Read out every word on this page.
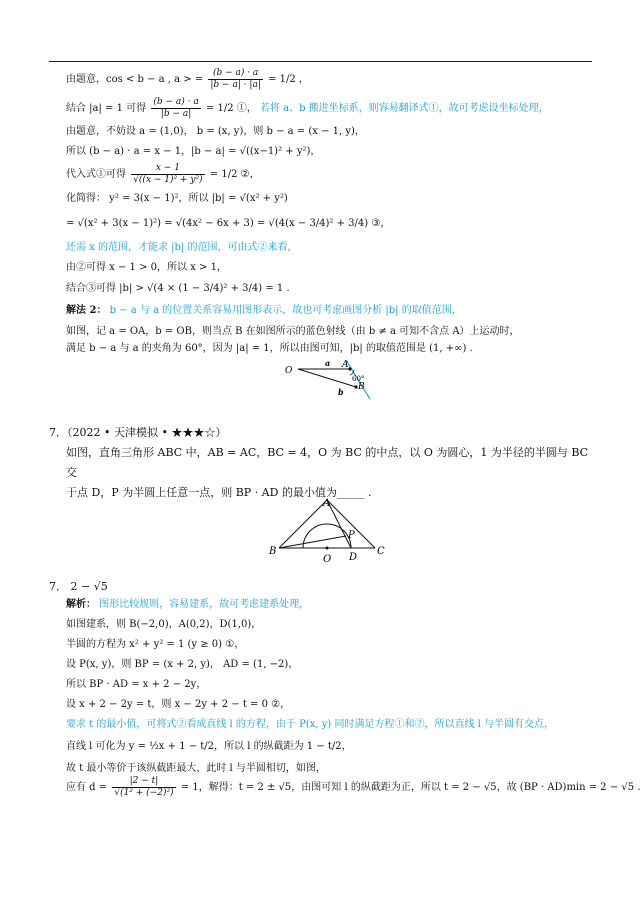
由题意，cos < b − a , a > = $\frac{(b - a) \cdot a}{|b - a| \cdot |a|} = 1/2$ ，
结合 |a| = 1 可得 $\frac{(b - a) \cdot a}{|b - a|} = 1/2$ ①， 若将 a、b 搬进坐标系，则容易翻译式①，故可考虑设坐标处理，
由题意，不妨设 a = (1,0)， b = (x, y)，则 b − a = (x − 1, y)，
所以 (b − a) · a = x − 1，|b − a| = √((x−1)² + y²)，
代入式①可得 $\frac{x - 1}{\text{√((x − 1)² + y²)}} = 1/2$ ②，
化简得： y² = 3(x − 1)²，所以 |b| = √(x² + y²)
= √(x² + 3(x − 1)²) = √(4x² − 6x + 3) = √(4(x − 3/4)² + 3/4) ③，
还需 x 的范围，才能求 |b| 的范围，可由式②来看，
由②可得 x − 1 > 0，所以 x > 1，
结合③可得 |b| > √(4 × (1 − 3/4)² + 3/4) = 1 .
解法 2： b − a 与 a 的位置关系容易用图形表示，故也可考虑画图分析 |b| 的取值范围，
如图，记 a = OA，b = OB，则当点 B 在如图所示的蓝色射线（由 b ≠ a 可知不含点 A）上运动时，
满足 b − a 与 a 的夹角为 60°，因为 |a| = 1，所以由图可知，|b| 的取值范围是 (1, +∞) .
O
A
B
a
b
60°
7．（2022 • 天津模拟 • ★★★☆）
如图，直角三角形 ABC 中，AB = AC，BC = 4，O 为 BC 的中点，以 O 为圆心，1 为半径的半圆与 BC 交
于点 D，P 为半圆上任意一点，则 BP · AD 的最小值为_____ .
A
B	C
D
O
P
7． 2 − √5
解析： 图形比较规则，容易建系，故可考虑建系处理，
如图建系，则 B(−2,0)，A(0,2)，D(1,0)，
半圆的方程为 x² + y² = 1 (y ≥ 0) ①，
设 P(x, y)，则 BP = (x + 2, y)， AD = (1, −2)，
所以 BP · AD = x + 2 − 2y，
设 x + 2 − 2y = t，则 x − 2y + 2 − t = 0 ②，
要求 t 的最小值，可将式②看成直线 l 的方程，由于 P(x, y) 同时满足方程①和②，所以直线 l 与半圆有交点，
直线 l 可化为 y = ½x + 1 − t/2，所以 l 的纵截距为 1 − t/2，
故 t 最小等价于该纵截距最大，此时 l 与半圆相切，如图，
应有 $d = \frac{|2 - t|}{\text{√(1² + (−2)²)}} = 1$，解得：t = 2 ± √5，由图可知 l 的纵截距为正，所以 t = 2 − √5，故 (BP · AD)min = 2 − √5 .
